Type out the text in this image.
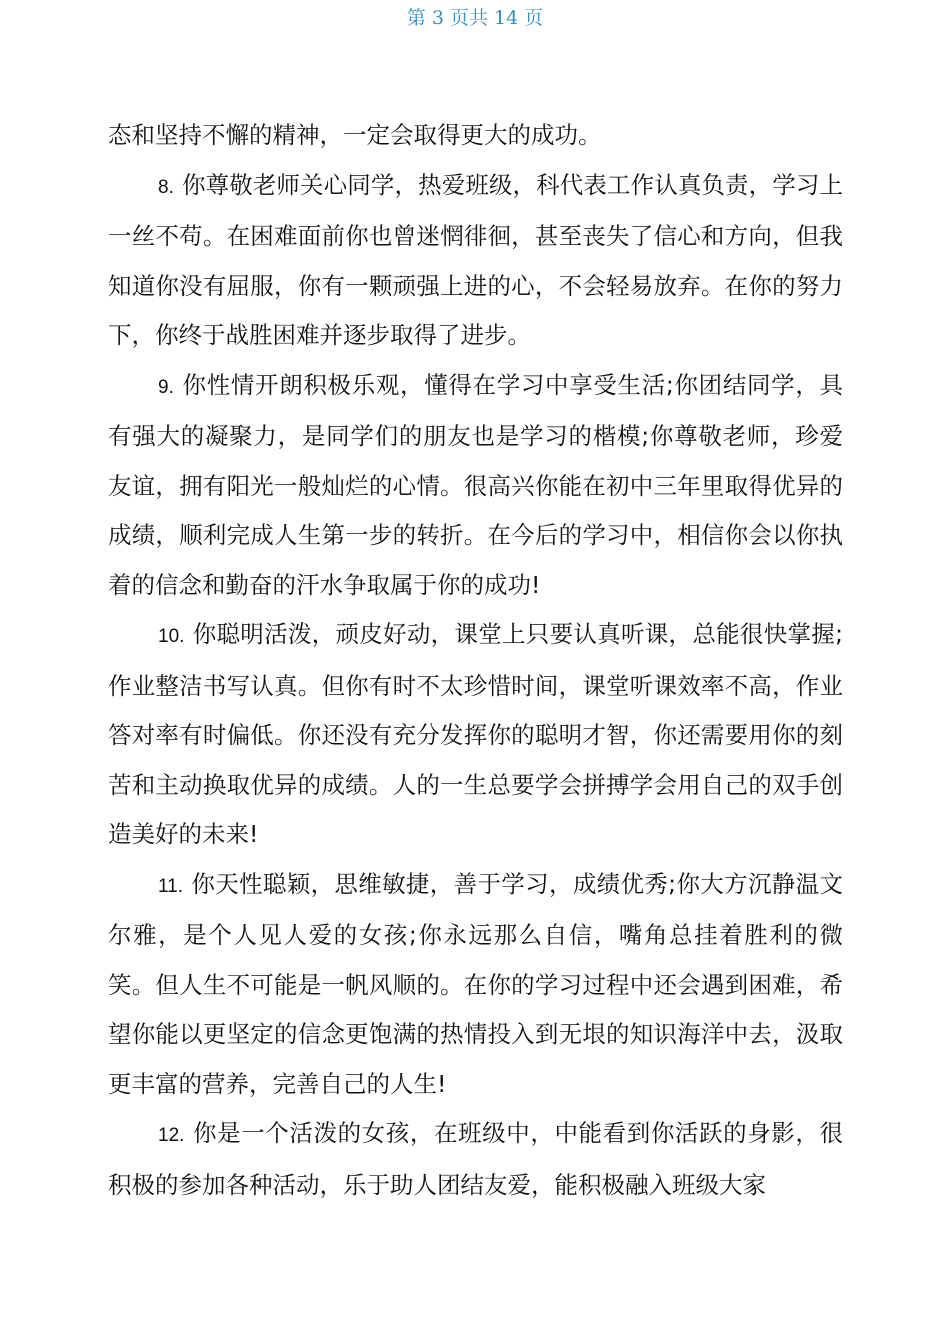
第 3 页共 14 页

态和坚持不懈的精神，一定会取得更大的成功。

8. 你尊敬老师关心同学，热爱班级，科代表工作认真负责，学习上一丝不苟。在困难面前你也曾迷惘徘徊，甚至丧失了信心和方向，但我知道你没有屈服，你有一颗顽强上进的心，不会轻易放弃。在你的努力下，你终于战胜困难并逐步取得了进步。

9. 你性情开朗积极乐观，懂得在学习中享受生活;你团结同学，具有强大的凝聚力，是同学们的朋友也是学习的楷模;你尊敬老师，珍爱友谊，拥有阳光一般灿烂的心情。很高兴你能在初中三年里取得优异的成绩，顺利完成人生第一步的转折。在今后的学习中，相信你会以你执着的信念和勤奋的汗水争取属于你的成功!

10. 你聪明活泼，顽皮好动，课堂上只要认真听课，总能很快掌握;作业整洁书写认真。但你有时不太珍惜时间，课堂听课效率不高，作业答对率有时偏低。你还没有充分发挥你的聪明才智，你还需要用你的刻苦和主动换取优异的成绩。人的一生总要学会拼搏学会用自己的双手创造美好的未来!

11. 你天性聪颖，思维敏捷，善于学习，成绩优秀;你大方沉静温文尔雅，是个人见人爱的女孩;你永远那么自信，嘴角总挂着胜利的微笑。但人生不可能是一帆风顺的。在你的学习过程中还会遇到困难，希望你能以更坚定的信念更饱满的热情投入到无垠的知识海洋中去，汲取更丰富的营养，完善自己的人生!

12. 你是一个活泼的女孩，在班级中，中能看到你活跃的身影，很积极的参加各种活动，乐于助人团结友爱，能积极融入班级大家
